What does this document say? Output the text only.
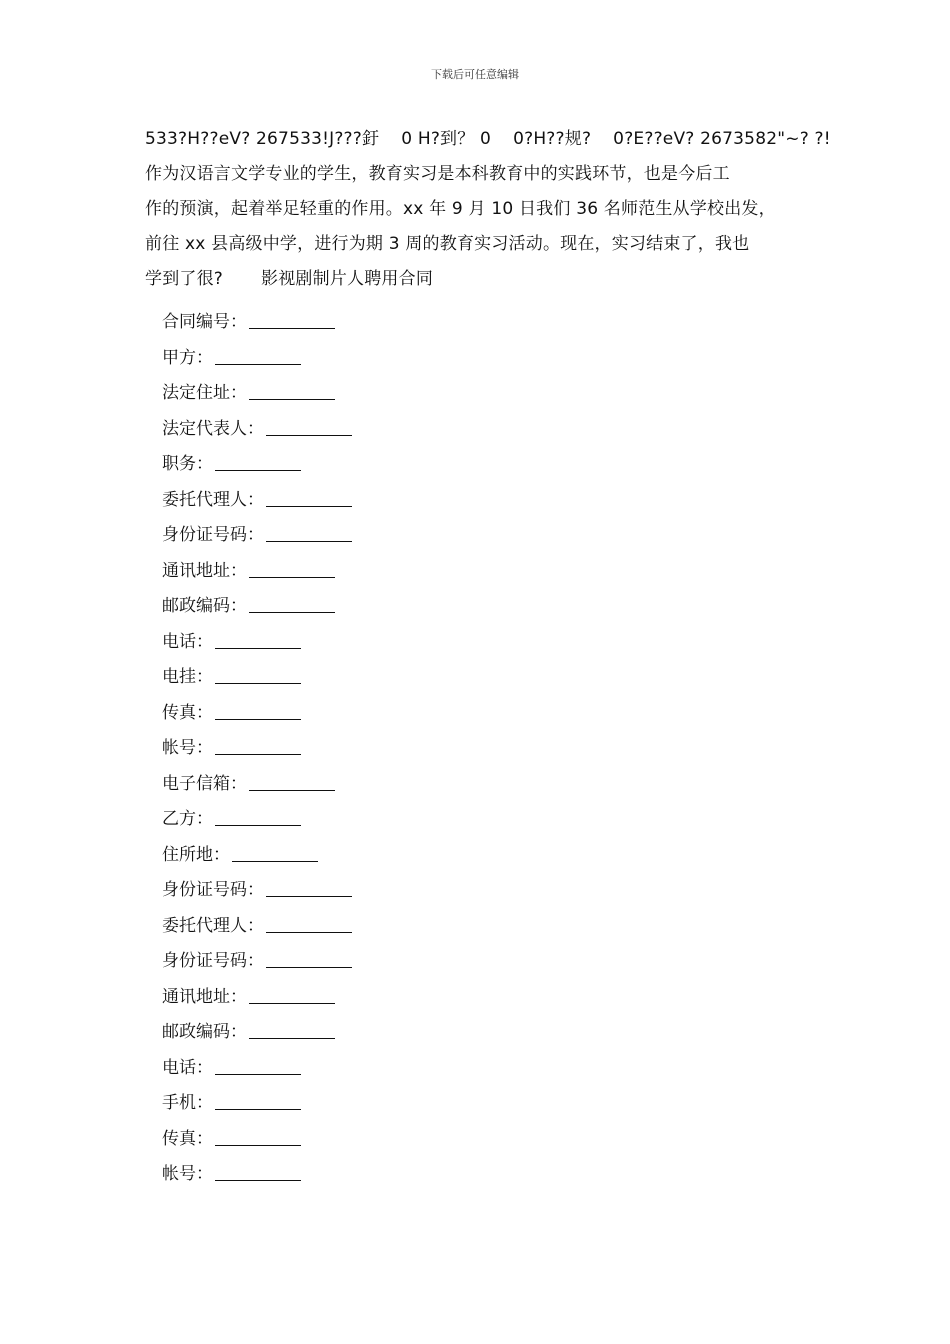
下载后可任意编辑
533?H??eV? 267533!J???釪 0 H?到？ 0 0?H??规? 0?E??eV? 2673582"~? ?!
作为汉语言文学专业的学生，教育实习是本科教育中的实践环节，也是今后工
作的预演，起着举足轻重的作用。xx 年 9 月 10 日我们 36 名师范生从学校出发，
前往 xx 县高级中学，进行为期 3 周的教育实习活动。现在，实习结束了，我也
学到了很? 影视剧制片人聘用合同
合同编号：
甲方：
法定住址：
法定代表人：
职务：
委托代理人：
身份证号码：
通讯地址：
邮政编码：
电话：
电挂：
传真：
帐号：
电子信箱：
乙方：
住所地：
身份证号码：
委托代理人：
身份证号码：
通讯地址：
邮政编码：
电话：
手机：
传真：
帐号：
